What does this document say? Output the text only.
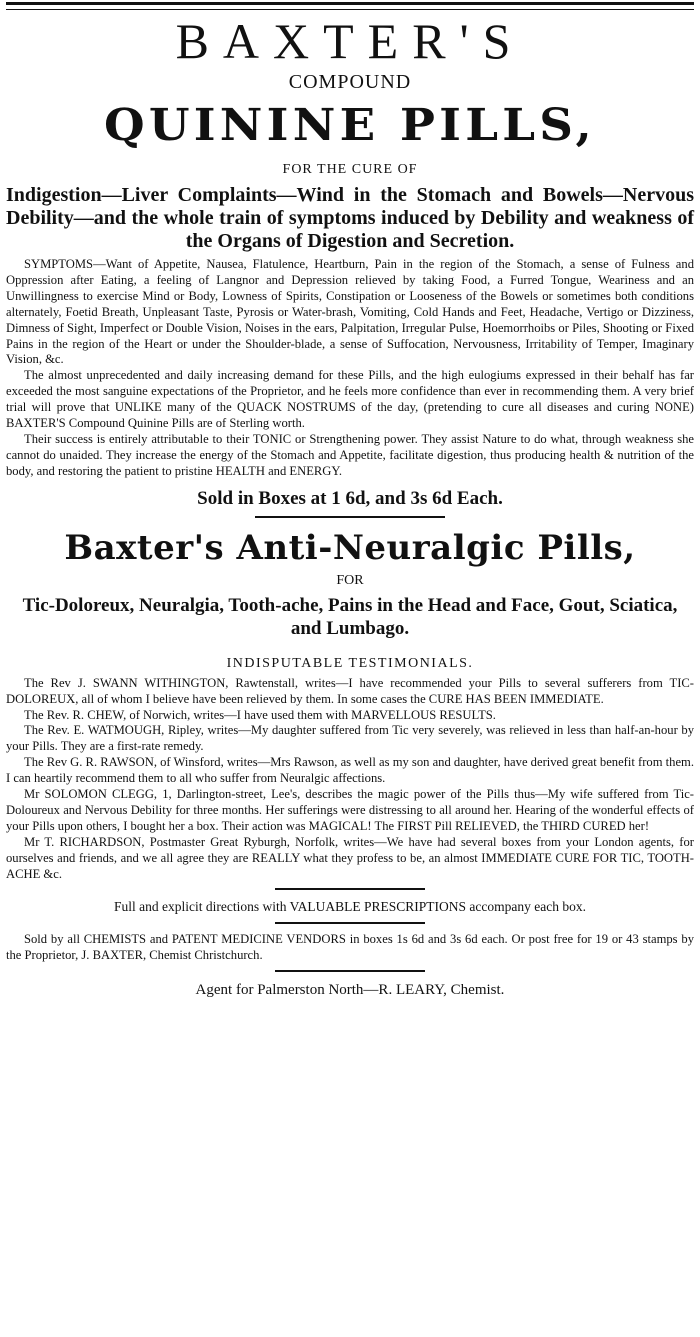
BAXTER'S
COMPOUND
QUININE PILLS,
FOR THE CURE OF
Indigestion—Liver Complaints—Wind in the Stomach and Bowels—Nervous Debility—and the whole train of symptoms induced by Debility and weakness of the Organs of Digestion and Secretion.

SYMPTOMS—Want of Appetite, Nausea, Flatulence, Heartburn, Pain in the region of the Stomach, a sense of Fulness and Oppression after Eating, a feeling of Langnor and Depression relieved by taking Food, a Furred Tongue, Weariness and an Unwillingness to exercise Mind or Body, Lowness of Spirits, Constipation or Looseness of the Bowels or sometimes both conditions alternately, Foetid Breath, Unpleasant Taste, Pyrosis or Water-brash, Vomiting, Cold Hands and Feet, Headache, Vertigo or Dizziness, Dimness of Sight, Imperfect or Double Vision, Noises in the ears, Palpitation, Irregular Pulse, Hoemorrhoibs or Piles, Shooting or Fixed Pains in the region of the Heart or under the Shoulder-blade, a sense of Suffocation, Nervousness, Irritability of Temper, Imaginary Vision, &c.

The almost unprecedented and daily increasing demand for these Pills, and the high eulogiums expressed in their behalf has far exceeded the most sanguine expectations of the Proprietor, and he feels more confidence than ever in recommending them. A very brief trial will prove that UNLIKE many of the QUACK NOSTRUMS of the day, (pretending to cure all diseases and curing NONE) BAXTER'S Compound Quinine Pills are of Sterling worth.

Their success is entirely attributable to their TONIC or Strengthening power. They assist Nature to do what, through weakness she cannot do unaided. They increase the energy of the Stomach and Appetite, facilitate digestion, thus producing health & nutrition of the body, and restoring the patient to pristine HEALTH and ENERGY.

Sold in Boxes at 1 6d, and 3s 6d Each.
Baxter's Anti-Neuralgic Pills,
FOR
Tic-Doloreux, Neuralgia, Tooth-ache, Pains in the Head and Face, Gout, Sciatica, and Lumbago.
INDISPUTABLE TESTIMONIALS.

The Rev J. SWANN WITHINGTON, Rawtenstall, writes—I have recommended your Pills to several sufferers from TIC-DOLOREUX, all of whom I believe have been relieved by them. In some cases the CURE HAS BEEN IMMEDIATE.

The Rev. R. CHEW, of Norwich, writes—I have used them with MARVELLOUS RESULTS.

The Rev. E. WATMOUGH, Ripley, writes—My daughter suffered from Tic very severely, was relieved in less than half-an-hour by your Pills. They are a first-rate remedy.

The Rev G. R. RAWSON, of Winsford, writes—Mrs Rawson, as well as my son and daughter, have derived great benefit from them. I can heartily recommend them to all who suffer from Neuralgic affections.

Mr SOLOMON CLEGG, 1, Darlington-street, Lee's, describes the magic power of the Pills thus—My wife suffered from Tic-Doloureux and Nervous Debility for three months. Her sufferings were distressing to all around her. Hearing of the wonderful effects of your Pills upon others, I bought her a box. Their action was MAGICAL! The FIRST Pill RELIEVED, the THIRD CURED her!

Mr T. RICHARDSON, Postmaster Great Ryburgh, Norfolk, writes—We have had several boxes from your London agents, for ourselves and friends, and we all agree they are REALLY what they profess to be, an almost IMMEDIATE CURE FOR TIC, TOOTH-ACHE &c.

Full and explicit directions with VALUABLE PRESCRIPTIONS accompany each box.

Sold by all CHEMISTS and PATENT MEDICINE VENDORS in boxes 1s 6d and 3s 6d each. Or post free for 19 or 43 stamps by the Proprietor, J. BAXTER, Chemist Christchurch.

Agent for Palmerston North—R. LEARY, Chemist.
